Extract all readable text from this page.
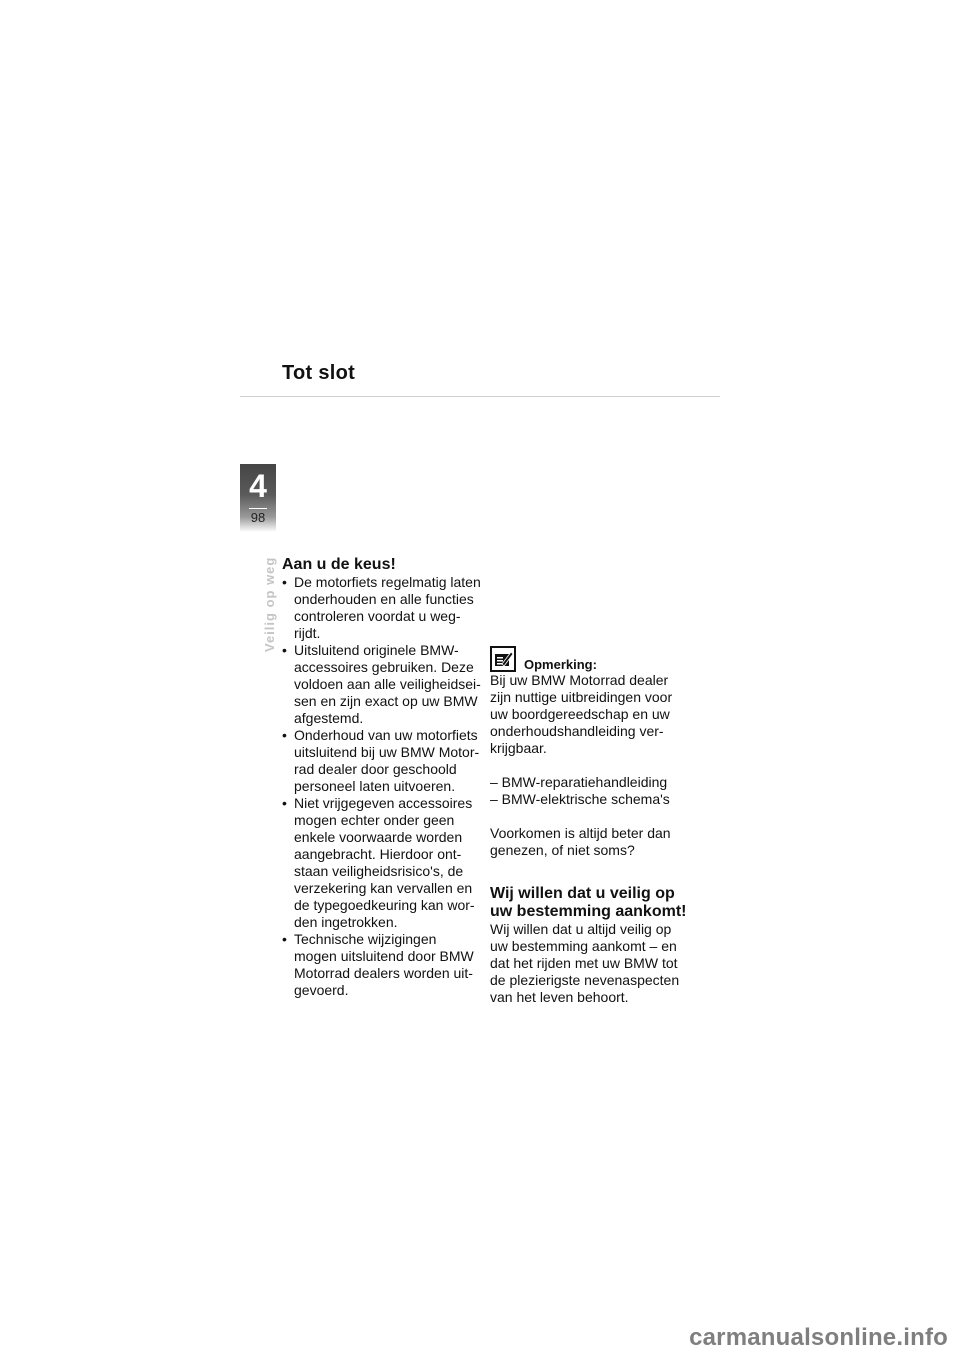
Tot slot
4
98
Veilig op weg Aan u de keus!
• De motorfiets regelmatig laten onderhouden en alle functies controleren voordat u weg-rijdt.
• Uitsluitend originele BMW-accessoires gebruiken. Deze voldoen aan alle veiligheidsei-sen en zijn exact op uw BMW afgestemd.
• Onderhoud van uw motorfiets uitsluitend bij uw BMW Motor-rad dealer door geschoold personeel laten uitvoeren.
• Niet vrijgegeven accessoires mogen echter onder geen enkele voorwaarde worden aangebracht. Hierdoor ont-staan veiligheidsrisico's, de verzekering kan vervallen en de typegoedkeuring kan wor-den ingetrokken.
• Technische wijzigingen mogen uitsluitend door BMW Motorrad dealers worden uit-gevoerd.
Opmerking:

Bij uw BMW Motorrad dealer zijn nuttige uitbreidingen voor uw boordgereedschap en uw onderhoudshandleiding ver-krijgbaar.

– BMW-reparatiehandleiding
– BMW-elektrische schema's

Voorkomen is altijd beter dan genezen, of niet soms?

Wij willen dat u veilig op uw bestemming aankomt!

Wij willen dat u altijd veilig op uw bestemming aankomt – en dat het rijden met uw BMW tot de plezierigste nevenaspecten van het leven behoort.

carmanualsonline.info
